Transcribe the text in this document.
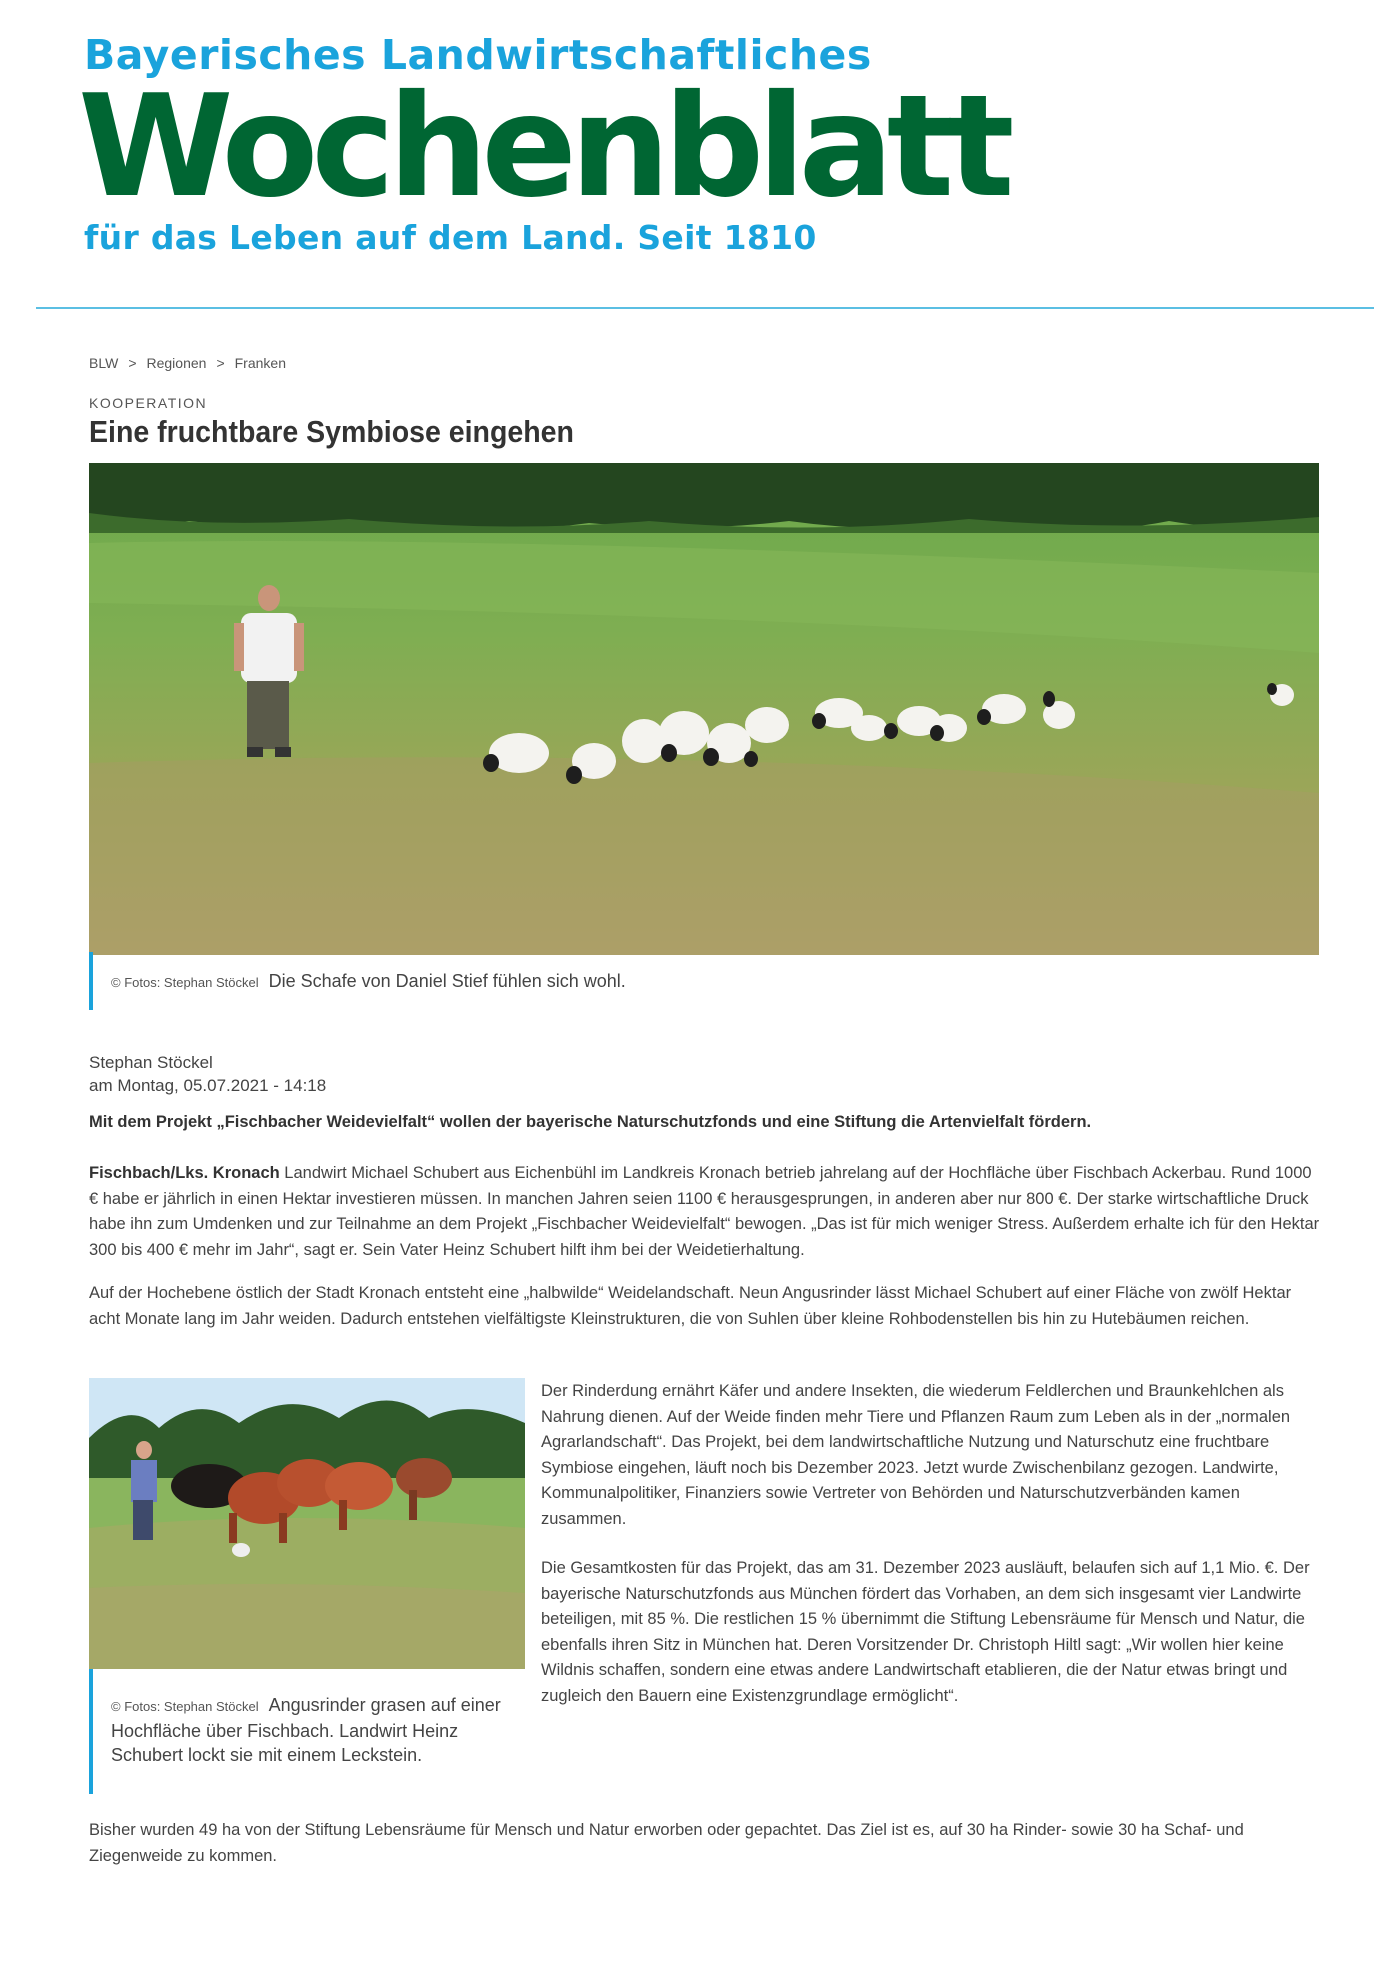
Bayerisches Landwirtschaftliches
Wochenblatt
für das Leben auf dem Land. Seit 1810
BLW > Regionen > Franken
KOOPERATION
Eine fruchtbare Symbiose eingehen
© Fotos: Stephan Stöckel Die Schafe von Daniel Stief fühlen sich wohl.
Stephan Stöckel
am Montag, 05.07.2021 - 14:18
Mit dem Projekt „Fischbacher Weidevielfalt“ wollen der bayerische Naturschutzfonds und eine Stiftung die Artenvielfalt fördern.
Fischbach/Lks. Kronach Landwirt Michael Schubert aus Eichenbühl im Landkreis Kronach betrieb jahrelang auf der Hochfläche über Fischbach Ackerbau. Rund 1000 € habe er jährlich in einen Hektar investieren müssen. In manchen Jahren seien 1100 € herausgesprungen, in anderen aber nur 800 €. Der starke wirtschaftliche Druck habe ihn zum Umdenken und zur Teilnahme an dem Projekt „Fischbacher Weidevielfalt“ bewogen. „Das ist für mich weniger Stress. Außerdem erhalte ich für den Hektar 300 bis 400 € mehr im Jahr“, sagt er. Sein Vater Heinz Schubert hilft ihm bei der Weidetierhaltung.
Auf der Hochebene östlich der Stadt Kronach entsteht eine „halbwilde“ Weidelandschaft. Neun Angusrinder lässt Michael Schubert auf einer Fläche von zwölf Hektar acht Monate lang im Jahr weiden. Dadurch entstehen vielfältigste Kleinstrukturen, die von Suhlen über kleine Rohbodenstellen bis hin zu Hutebäumen reichen.
© Fotos: Stephan Stöckel Angusrinder grasen auf einer Hochfläche über Fischbach. Landwirt Heinz Schubert lockt sie mit einem Leckstein.
Der Rinderdung ernährt Käfer und andere Insekten, die wiederum Feldlerchen und Braunkehlchen als Nahrung dienen. Auf der Weide finden mehr Tiere und Pflanzen Raum zum Leben als in der „normalen Agrarlandschaft“. Das Projekt, bei dem landwirtschaftliche Nutzung und Naturschutz eine fruchtbare Symbiose eingehen, läuft noch bis Dezember 2023. Jetzt wurde Zwischenbilanz gezogen. Landwirte, Kommunalpolitiker, Finanziers sowie Vertreter von Behörden und Naturschutzverbänden kamen zusammen.
Die Gesamtkosten für das Projekt, das am 31. Dezember 2023 ausläuft, belaufen sich auf 1,1 Mio. €. Der bayerische Naturschutzfonds aus München fördert das Vorhaben, an dem sich insgesamt vier Landwirte beteiligen, mit 85 %. Die restlichen 15 % übernimmt die Stiftung Lebensräume für Mensch und Natur, die ebenfalls ihren Sitz in München hat. Deren Vorsitzender Dr. Christoph Hiltl sagt: „Wir wollen hier keine Wildnis schaffen, sondern eine etwas andere Landwirtschaft etablieren, die der Natur etwas bringt und zugleich den Bauern eine Existenzgrundlage ermöglicht“.
Bisher wurden 49 ha von der Stiftung Lebensräume für Mensch und Natur erworben oder gepachtet. Das Ziel ist es, auf 30 ha Rinder- sowie 30 ha Schaf- und Ziegenweide zu kommen.
